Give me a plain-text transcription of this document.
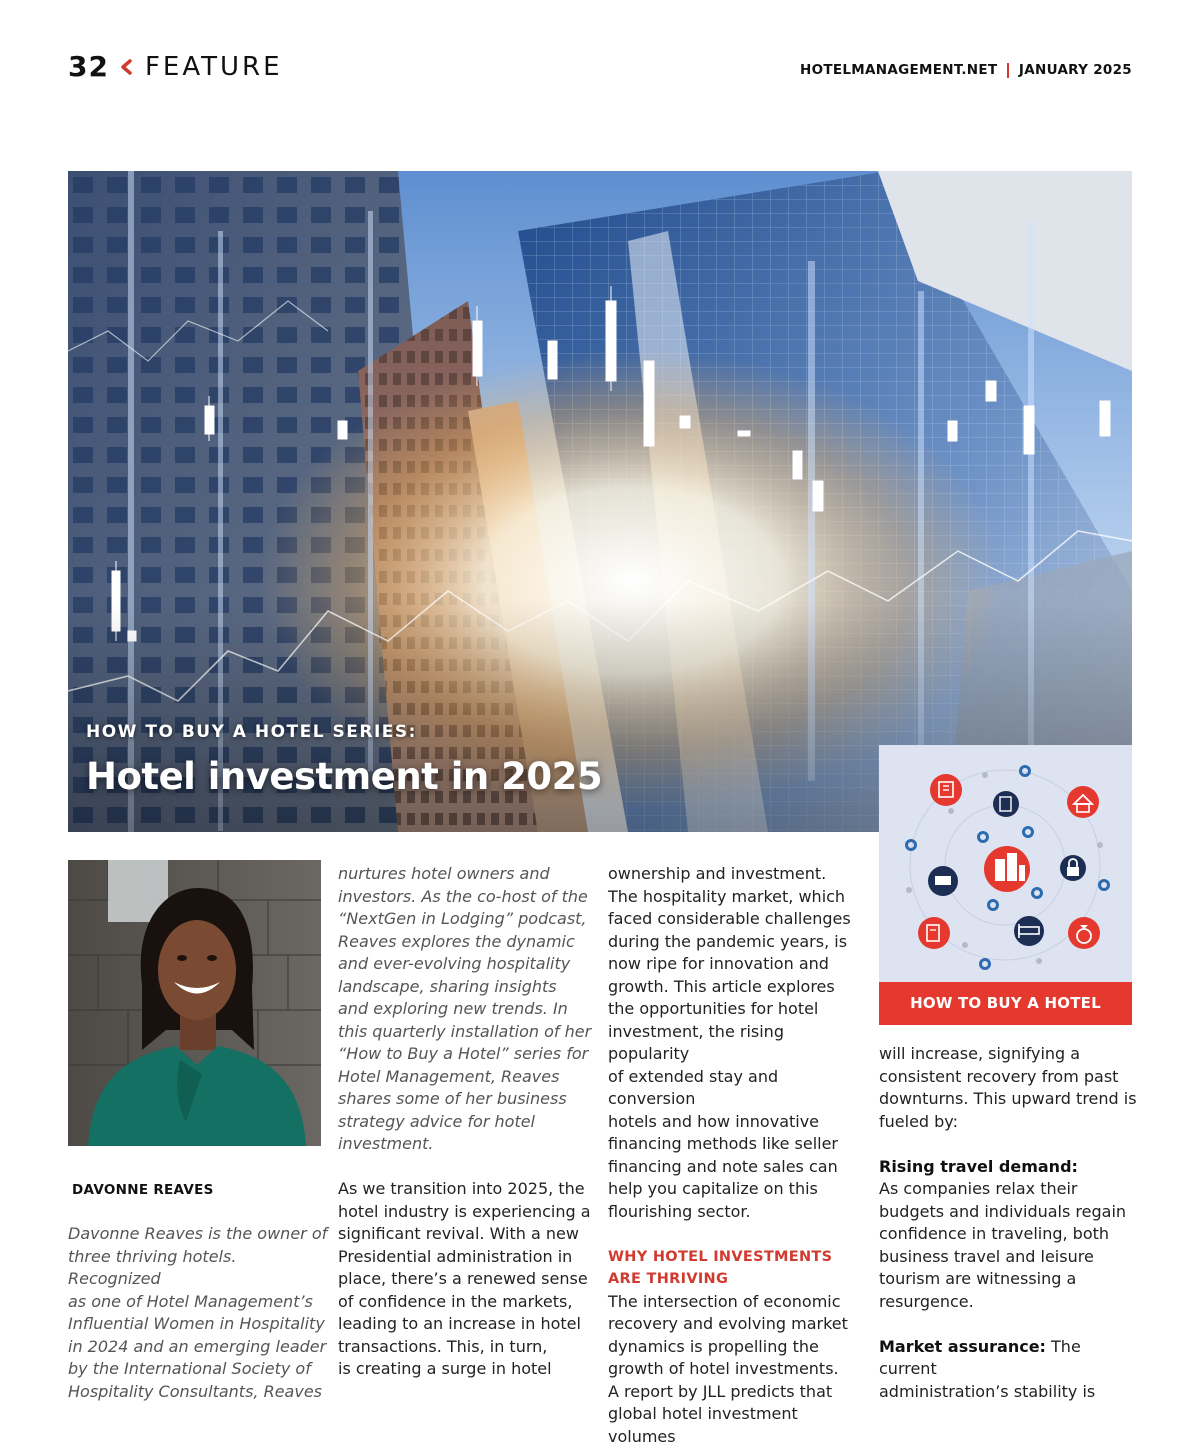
32 FEATURE	HOTELMANAGEMENT.NET JANUARY 2025
HOW TO BUY A HOTEL SERIES:
Hotel investment in 2025
HOW TO BUY A HOTEL
DAVONNE REAVES

Davonne Reaves is the owner of

three thriving hotels. Recognized

as one of Hotel Management’s

Influential Women in Hospitality

in 2024 and an emerging leader

by the International Society of

Hospitality Consultants, Reaves

nurtures hotel owners and

investors. As the co-host of the

“NextGen in Lodging” podcast,

Reaves explores the dynamic

and ever-evolving hospitality

landscape, sharing insights

and exploring new trends. In

this quarterly installation of her

“How to Buy a Hotel” series for

Hotel Management, Reaves

shares some of her business

strategy advice for hotel

investment.

As we transition into 2025, the

hotel industry is experiencing a

significant revival. With a new

Presidential administration in

place, there’s a renewed sense

of confidence in the markets,

leading to an increase in hotel

transactions. This, in turn,

is creating a surge in hotel

ownership and investment.

The hospitality market, which

faced considerable challenges

during the pandemic years, is

now ripe for innovation and

growth. This article explores

the opportunities for hotel

investment, the rising popularity

of extended stay and conversion

hotels and how innovative

financing methods like seller

financing and note sales can

help you capitalize on this

flourishing sector.

WHY HOTEL INVESTMENTS

ARE THRIVING

The intersection of economic

recovery and evolving market

dynamics is propelling the

growth of hotel investments.

A report by JLL predicts that

global hotel investment volumes

will increase, signifying a

consistent recovery from past

downturns. This upward trend is

fueled by:

Rising travel demand:

As companies relax their

budgets and individuals regain

confidence in traveling, both

business travel and leisure

tourism are witnessing a

resurgence.

Market assurance: The current

administration’s stability is
